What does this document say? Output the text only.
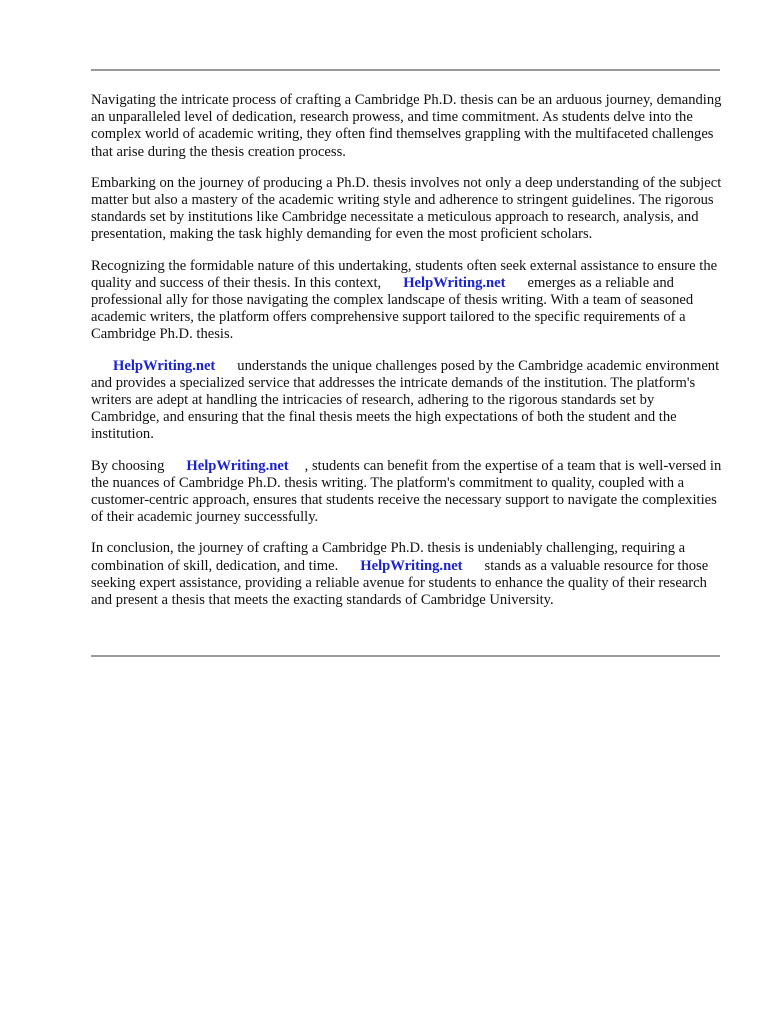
Navigating the intricate process of crafting a Cambridge Ph.D. thesis can be an arduous journey, demanding an unparalleled level of dedication, research prowess, and time commitment. As students delve into the complex world of academic writing, they often find themselves grappling with the multifaceted challenges that arise during the thesis creation process.

Embarking on the journey of producing a Ph.D. thesis involves not only a deep understanding of the subject matter but also a mastery of the academic writing style and adherence to stringent guidelines. The rigorous standards set by institutions like Cambridge necessitate a meticulous approach to research, analysis, and presentation, making the task highly demanding for even the most proficient scholars.

Recognizing the formidable nature of this undertaking, students often seek external assistance to ensure the quality and success of their thesis. In this context, HelpWriting.net emerges as a reliable and professional ally for those navigating the complex landscape of thesis writing. With a team of seasoned academic writers, the platform offers comprehensive support tailored to the specific requirements of a Cambridge Ph.D. thesis.

HelpWriting.net understands the unique challenges posed by the Cambridge academic environment and provides a specialized service that addresses the intricate demands of the institution. The platform's writers are adept at handling the intricacies of research, adhering to the rigorous standards set by Cambridge, and ensuring that the final thesis meets the high expectations of both the student and the institution.

By choosing HelpWriting.net , students can benefit from the expertise of a team that is well-versed in the nuances of Cambridge Ph.D. thesis writing. The platform's commitment to quality, coupled with a customer-centric approach, ensures that students receive the necessary support to navigate the complexities of their academic journey successfully.

In conclusion, the journey of crafting a Cambridge Ph.D. thesis is undeniably challenging, requiring a combination of skill, dedication, and time. HelpWriting.net stands as a valuable resource for those seeking expert assistance, providing a reliable avenue for students to enhance the quality of their research and present a thesis that meets the exacting standards of Cambridge University.
